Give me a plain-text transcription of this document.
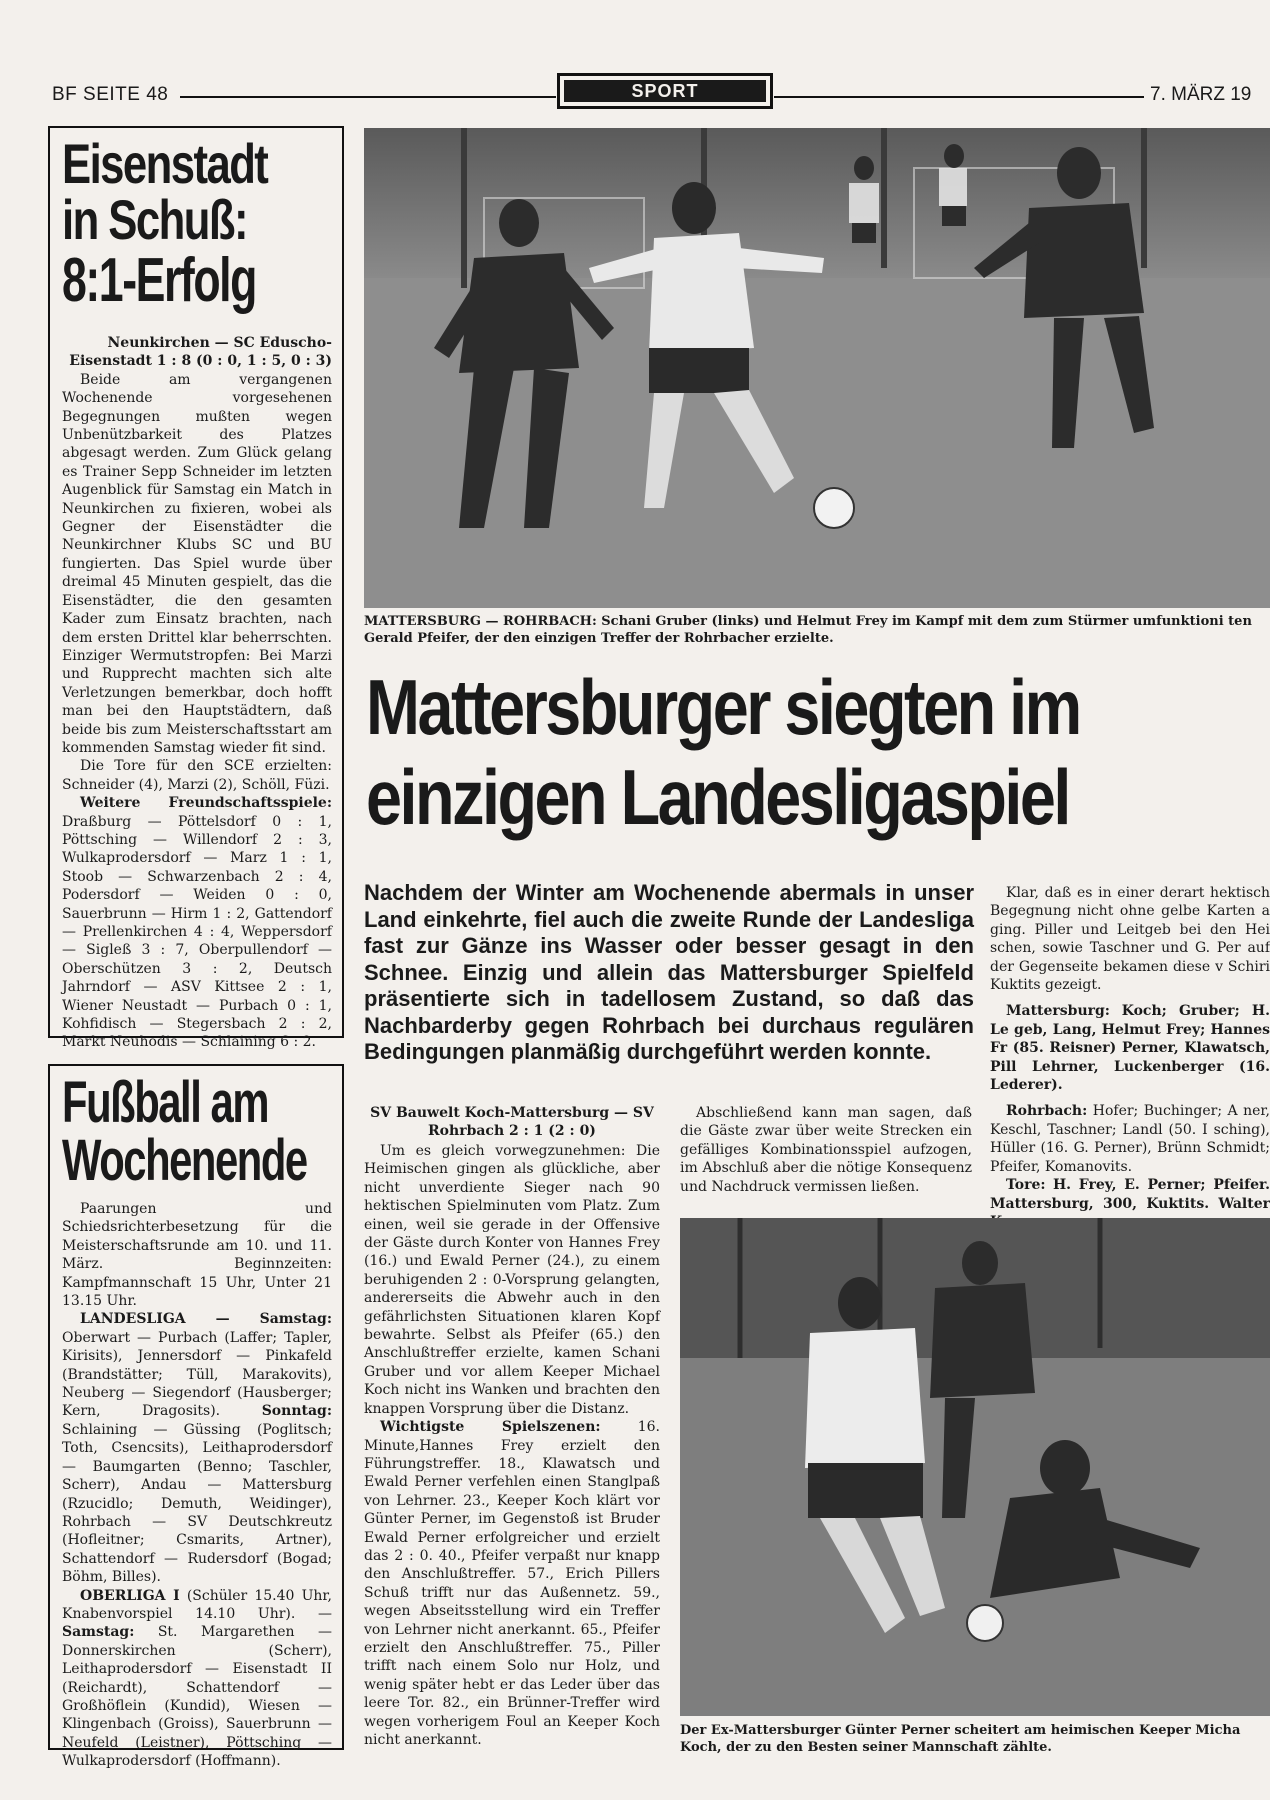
BF SEITE 48	SPORT	7. MÄRZ 19
Eisenstadt
in Schuß:
8:1-Erfolg

Neunkirchen — SC Eduscho-Eisenstadt 1 : 8 (0 : 0, 1 : 5, 0 : 3)

Beide am vergangenen Wochenende vorgesehenen Begegnungen mußten wegen Unbenützbarkeit des Platzes abgesagt werden. Zum Glück gelang es Trainer Sepp Schneider im letzten Augenblick für Samstag ein Match in Neunkirchen zu fixieren, wobei als Gegner der Eisenstädter die Neunkirchner Klubs SC und BU fungierten. Das Spiel wurde über dreimal 45 Minuten gespielt, das die Eisenstädter, die den gesamten Kader zum Einsatz brachten, nach dem ersten Drittel klar beherrschten. Einziger Wermutstropfen: Bei Marzi und Rupprecht machten sich alte Verletzungen bemerkbar, doch hofft man bei den Hauptstädtern, daß beide bis zum Meisterschaftsstart am kommenden Samstag wieder fit sind.

Die Tore für den SCE erzielten: Schneider (4), Marzi (2), Schöll, Füzi.

Weitere Freundschaftsspiele: Draßburg — Pöttelsdorf 0 : 1, Pöttsching — Willendorf 2 : 3, Wulkaprodersdorf — Marz 1 : 1, Stoob — Schwarzenbach 2 : 4, Podersdorf — Weiden 0 : 0, Sauerbrunn — Hirm 1 : 2, Gattendorf — Prellenkirchen 4 : 4, Weppersdorf — Sigleß 3 : 7, Oberpullendorf — Oberschützen 3 : 2, Deutsch Jahrndorf — ASV Kittsee 2 : 1, Wiener Neustadt — Purbach 0 : 1, Kohfidisch — Stegersbach 2 : 2, Markt Neuhodis — Schlaining 6 : 2.

Fußball am
Wochenende

Paarungen und Schiedsrichterbesetzung für die Meisterschaftsrunde am 10. und 11. März. Beginnzeiten: Kampfmannschaft 15 Uhr, Unter 21 13.15 Uhr.

LANDESLIGA — Samstag: Oberwart — Purbach (Laffer; Tapler, Kirisits), Jennersdorf — Pinkafeld (Brandstätter; Tüll, Marakovits), Neuberg — Siegendorf (Hausberger; Kern, Dragosits).	Sonntag: Schlaining — Güssing (Poglitsch; Toth, Csencsits), Leithaprodersdorf — Baumgarten (Benno; Taschler, Scherr), Andau — Mattersburg (Rzucidlo; Demuth, Weidinger), Rohrbach — SV Deutschkreutz (Hofleitner; Csmarits, Artner), Schattendorf — Rudersdorf (Bogad; Böhm, Billes).

OBERLIGA I (Schüler 15.40 Uhr, Knabenvorspiel 14.10 Uhr). — Samstag: St. Margarethen — Donnerskirchen (Scherr), Leithaprodersdorf — Eisenstadt II (Reichardt), Schattendorf — Großhöflein (Kundid), Wiesen — Klingenbach (Groiss), Sauerbrunn — Neufeld (Leistner), Pöttsching — Wulkaprodersdorf (Hoffmann).

MATTERSBURG — ROHRBACH: Schani Gruber (links) und Helmut Frey im Kampf mit dem zum Stürmer umfunktioni ten Gerald Pfeifer, der den einzigen Treffer der Rohrbacher erzielte.
Mattersburger siegten im
einzigen Landesligaspiel
Nachdem der Winter am Wochenende abermals in unser Land einkehrte, fiel auch die zweite Runde der Landesliga fast zur Gänze ins Wasser oder besser gesagt in den Schnee. Einzig und allein das Mattersburger Spielfeld präsentierte sich in tadellosem Zustand, so daß das Nachbarderby gegen Rohrbach bei durchaus regulären Bedingungen planmäßig durchgeführt werden konnte.
SV Bauwelt Koch-Mattersburg — SV Rohrbach 2 : 1 (2 : 0)

Um es gleich vorwegzunehmen: Die Heimischen gingen als glückliche, aber nicht unverdiente Sieger nach 90 hektischen Spielminuten vom Platz. Zum einen, weil sie gerade in der Offensive der Gäste durch Konter von Hannes Frey (16.) und Ewald Perner (24.), zu einem beruhigenden 2 : 0-Vorsprung gelangten, andererseits die Abwehr auch in den gefährlichsten Situationen klaren Kopf bewahrte. Selbst als Pfeifer (65.) den Anschlußtreffer erzielte, kamen Schani Gruber und vor allem Keeper Michael Koch nicht ins Wanken und brachten den knappen Vorsprung über die Distanz.

Wichtigste Spielszenen:	16. Minute,Hannes Frey erzielt den Führungstreffer. 18., Klawatsch und Ewald Perner verfehlen einen Stanglpaß von Lehrner. 23., Keeper Koch klärt vor Günter Perner, im Gegenstoß ist Bruder Ewald Perner erfolgreicher und erzielt das 2 : 0. 40., Pfeifer verpaßt nur knapp den Anschlußtreffer. 57., Erich Pillers Schuß trifft nur das Außennetz. 59., wegen Abseitsstellung wird ein Treffer von Lehrner nicht anerkannt. 65., Pfeifer erzielt den Anschlußtreffer. 75., Piller trifft nach einem Solo nur Holz, und wenig später hebt er das Leder über das leere Tor. 82., ein Brünner-Treffer wird wegen vorherigem Foul an Keeper Koch nicht anerkannt.

Abschließend kann man sagen, daß die Gäste zwar über weite Strecken ein gefälliges Kombinationsspiel aufzogen, im Abschluß aber die nötige Konsequenz und Nachdruck vermissen ließen.

Klar, daß es in einer derart hektisch Begegnung nicht ohne gelbe Karten a ging. Piller und Leitgeb bei den Hei schen, sowie Taschner und G. Per auf der Gegenseite bekamen diese v Schiri Kuktits gezeigt.

Mattersburg: Koch; Gruber; H. Le geb, Lang, Helmut Frey; Hannes Fr (85. Reisner) Perner, Klawatsch, Pill Lehrner, Luckenberger (16. Lederer).

Rohrbach: Hofer; Buchinger; A ner, Keschl, Taschner; Landl (50. I sching), Hüller (16. G. Perner), Brünn Schmidt; Pfeifer, Komanovits.

Tore: H. Frey, E. Perner; Pfeifer. Mattersburg, 300, Kuktits. Walter

Der Ex-Mattersburger Günter Perner scheitert am heimischen Keeper Micha Koch, der zu den Besten seiner Mannschaft zählte.
